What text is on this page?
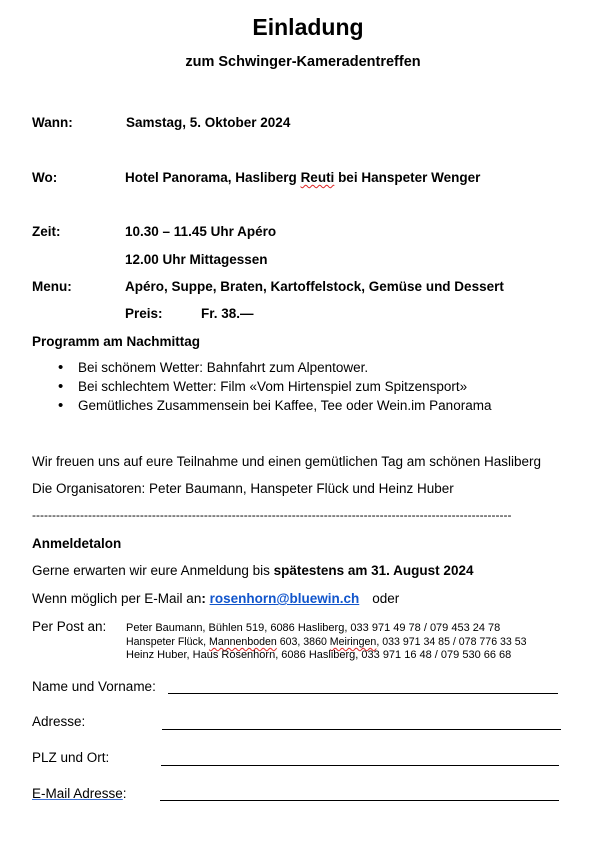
Einladung
zum Schwinger-Kameradentreffen
Wann:	Samstag, 5. Oktober 2024
Wo:	Hotel Panorama, Hasliberg Reuti bei Hanspeter Wenger
Zeit:	10.30 – 11.45 Uhr Apéro
12.00 Uhr Mittagessen
Menu:	Apéro, Suppe, Braten, Kartoffelstock, Gemüse und Dessert
Preis:	Fr. 38.—
Programm am Nachmittag
• Bei schönem Wetter: Bahnfahrt zum Alpentower.
• Bei schlechtem Wetter: Film «Vom Hirtenspiel zum Spitzensport»
• Gemütliches Zusammensein bei Kaffee, Tee oder Wein.im Panorama
Wir freuen uns auf eure Teilnahme und einen gemütlichen Tag am schönen Hasliberg
Die Organisatoren: Peter Baumann, Hanspeter Flück und Heinz Huber
------------------------------------------------------------------------------------------------------------------------
Anmeldetalon
Gerne erwarten wir eure Anmeldung bis spätestens am 31. August 2024
Wenn möglich per E-Mail an: rosenhorn@bluewin.ch oder
Per Post an: Peter Baumann, Bühlen 519, 6086 Hasliberg, 033 971 49 78 / 079 453 24 78
Hanspeter Flück, Mannenboden 603, 3860 Meiringen, 033 971 34 85 / 078 776 33 53
Heinz Huber, Haus Rosenhorn, 6086 Hasliberg, 033 971 16 48 / 079 530 66 68
Name und Vorname:
Adresse:
PLZ und Ort:
E-Mail Adresse:
